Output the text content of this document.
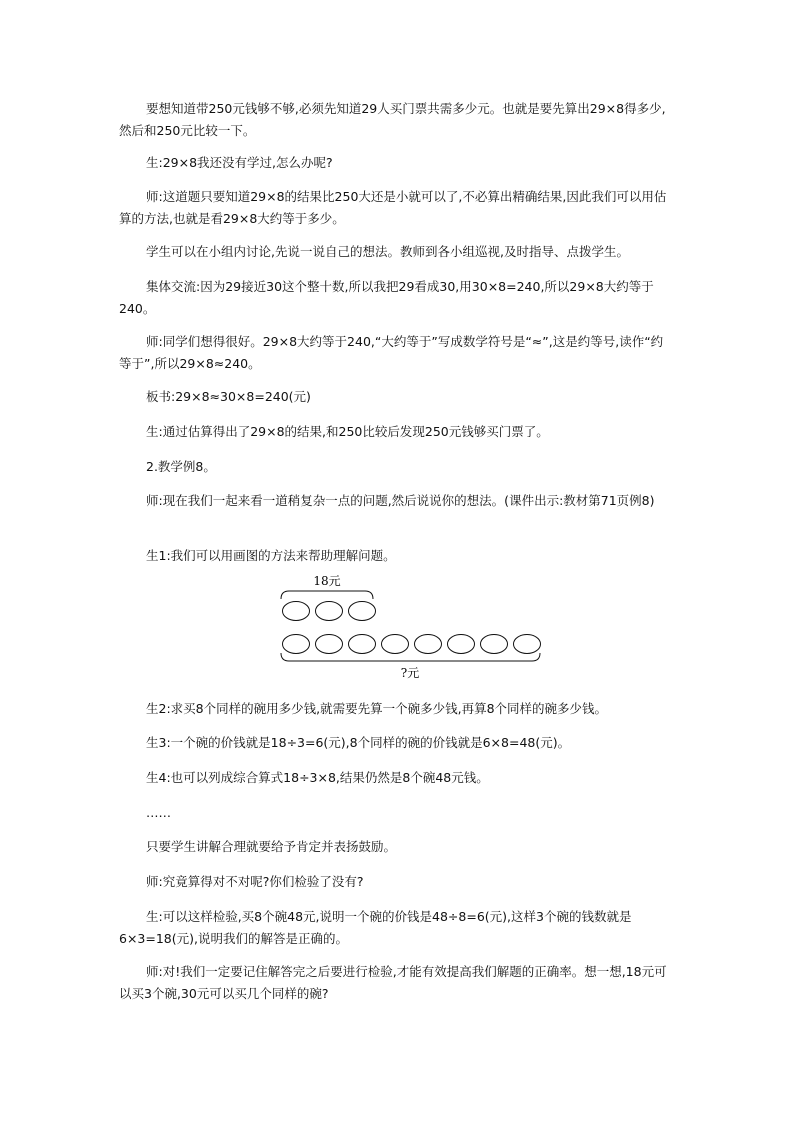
要想知道带250元钱够不够,必须先知道29人买门票共需多少元。也就是要先算出29×8得多少,然后和250元比较一下。

生:29×8我还没有学过,怎么办呢?

师:这道题只要知道29×8的结果比250大还是小就可以了,不必算出精确结果,因此我们可以用估算的方法,也就是看29×8大约等于多少。

学生可以在小组内讨论,先说一说自己的想法。教师到各小组巡视,及时指导、点拨学生。

集体交流:因为29接近30这个整十数,所以我把29看成30,用30×8=240,所以29×8大约等于240。

师:同学们想得很好。29×8大约等于240,“大约等于”写成数学符号是“≈”,这是约等号,读作“约等于”,所以29×8≈240。

板书:29×8≈30×8=240(元)

生:通过估算得出了29×8的结果,和250比较后发现250元钱够买门票了。

2.教学例8。

师:现在我们一起来看一道稍复杂一点的问题,然后说说你的想法。(课件出示:教材第71页例8)

生1:我们可以用画图的方法来帮助理解问题。

18元
?元

生2:求买8个同样的碗用多少钱,就需要先算一个碗多少钱,再算8个同样的碗多少钱。

生3:一个碗的价钱就是18÷3=6(元),8个同样的碗的价钱就是6×8=48(元)。

生4:也可以列成综合算式18÷3×8,结果仍然是8个碗48元钱。

……

只要学生讲解合理就要给予肯定并表扬鼓励。

师:究竟算得对不对呢?你们检验了没有?

生:可以这样检验,买8个碗48元,说明一个碗的价钱是48÷8=6(元),这样3个碗的钱数就是6×3=18(元),说明我们的解答是正确的。

师:对!我们一定要记住解答完之后要进行检验,才能有效提高我们解题的正确率。想一想,18元可以买3个碗,30元可以买几个同样的碗?
